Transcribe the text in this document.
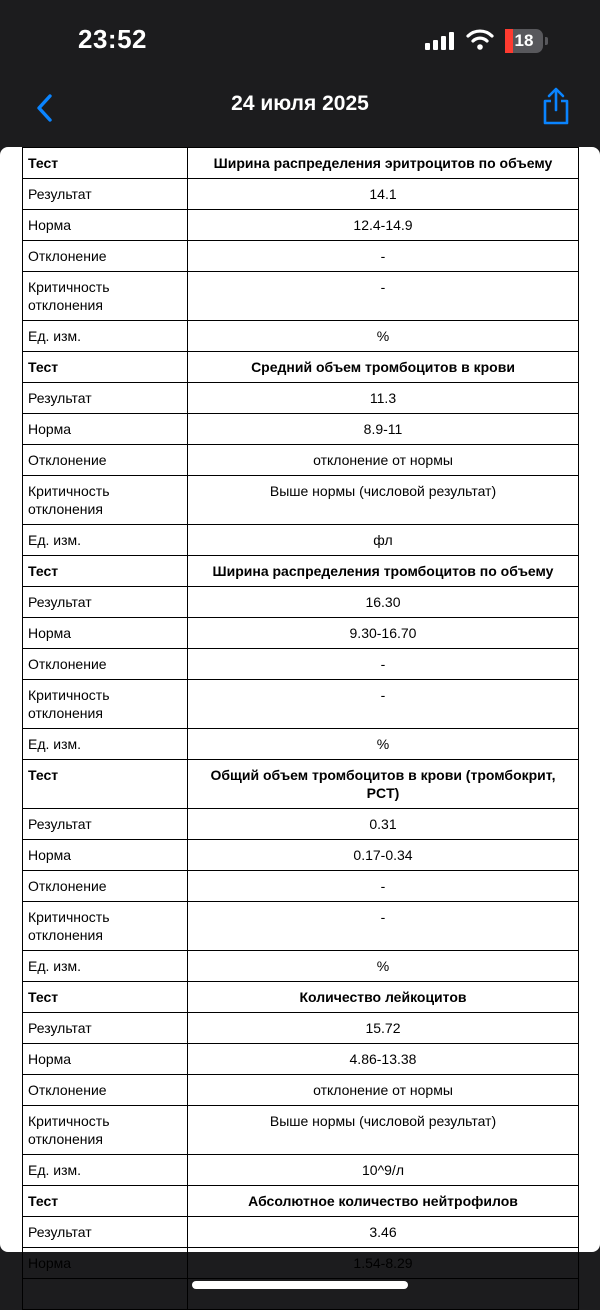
23:52	18
24 июля 2025
Тест	Ширина распределения эритроцитов по объему
Результат	14.1
Норма	12.4-14.9
Отклонение	-
Критичность отклонения	-
Ед. изм.	%
Тест	Средний объем тромбоцитов в крови
Результат	11.3
Норма	8.9-11
Отклонение	отклонение от нормы
Критичность отклонения	Выше нормы (числовой результат)
Ед. изм.	фл
Тест	Ширина распределения тромбоцитов по объему
Результат	16.30
Норма	9.30-16.70
Отклонение	-
Критичность отклонения	-
Ед. изм.	%
Тест	Общий объем тромбоцитов в крови (тромбокрит, PCT)
Результат	0.31
Норма	0.17-0.34
Отклонение	-
Критичность отклонения	-
Ед. изм.	%
Тест	Количество лейкоцитов
Результат	15.72
Норма	4.86-13.38
Отклонение	отклонение от нормы
Критичность отклонения	Выше нормы (числовой результат)
Ед. изм.	10^9/л
Тест	Абсолютное количество нейтрофилов
Результат	3.46
Норма	1.54-8.29
